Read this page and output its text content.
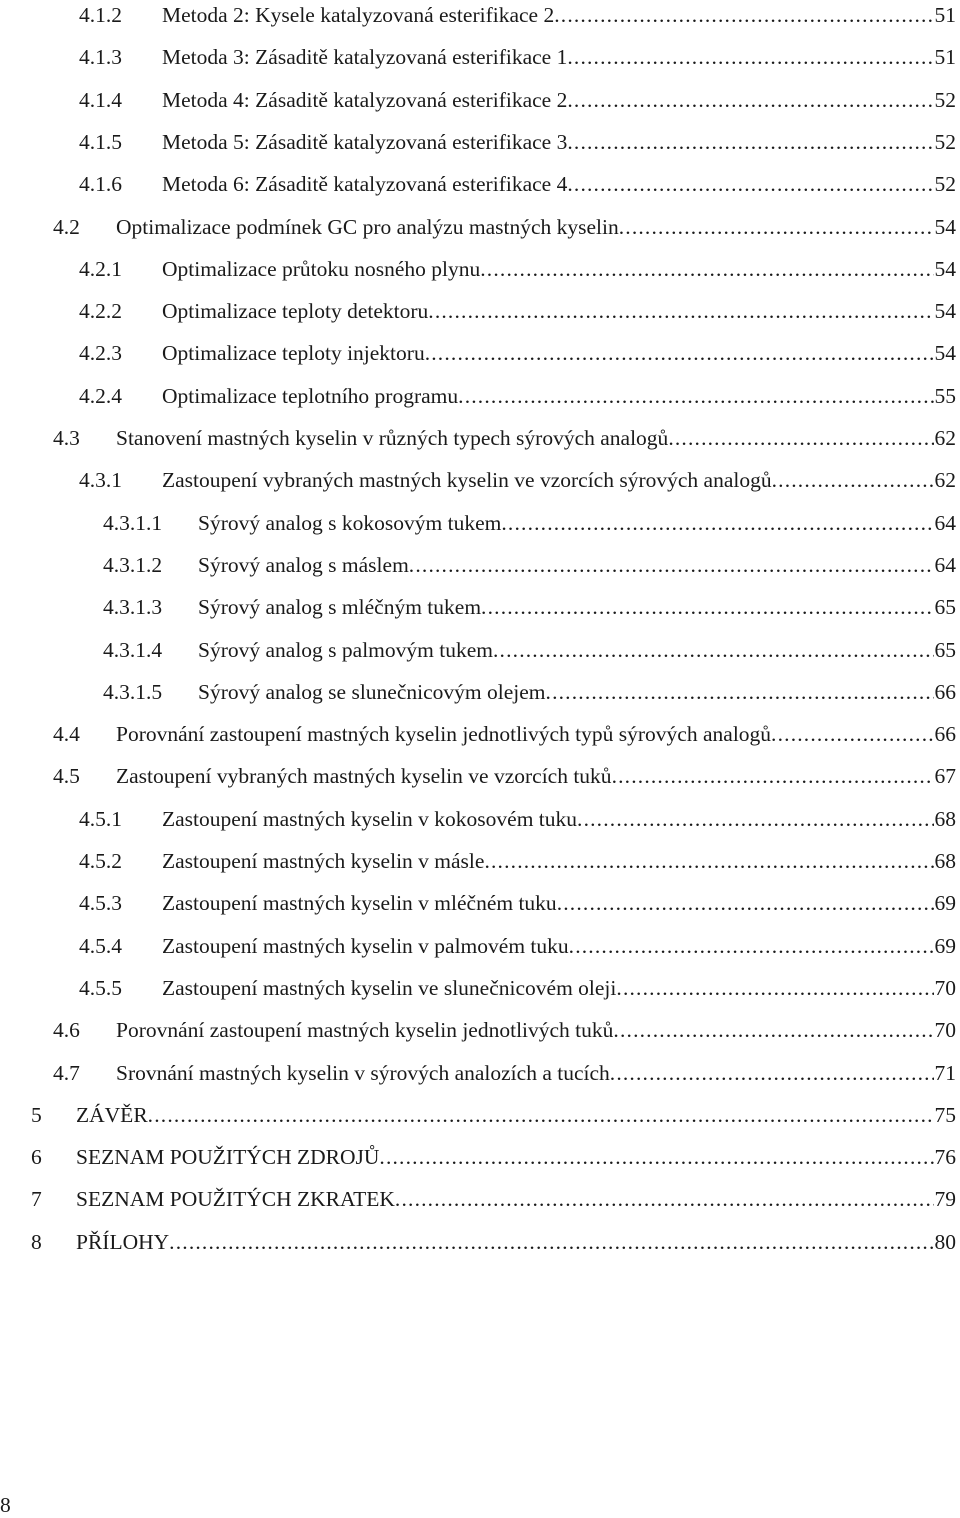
4.1.2 Metoda 2: Kysele katalyzovaná esterifikace 2 . . .	51
4.1.3 Metoda 3: Zásaditě katalyzovaná esterifikace 1 . . .	51
4.1.4 Metoda 4: Zásaditě katalyzovaná esterifikace 2 . . .	52
4.1.5 Metoda 5: Zásaditě katalyzovaná esterifikace 3 . . .	52
4.1.6 Metoda 6: Zásaditě katalyzovaná esterifikace 4 . . .	52
4.2 Optimalizace podmínek GC pro analýzu mastných kyselin . . .	54
4.2.1 Optimalizace průtoku nosného plynu . . .	54
4.2.2 Optimalizace teploty detektoru . . .	54
4.2.3 Optimalizace teploty injektoru . . .	54
4.2.4 Optimalizace teplotního programu . . .	55
4.3 Stanovení mastných kyselin v různých typech sýrových analogů . . .	62
4.3.1 Zastoupení vybraných mastných kyselin ve vzorcích sýrových analogů . . .	62
4.3.1.1 Sýrový analog s kokosovým tukem . . .	64
4.3.1.2 Sýrový analog s máslem . . .	64
4.3.1.3 Sýrový analog s mléčným tukem . . .	65
4.3.1.4 Sýrový analog s palmovým tukem . . .	65
4.3.1.5 Sýrový analog se slunečnicovým olejem . . .	66
4.4 Porovnání zastoupení mastných kyselin jednotlivých typů sýrových analogů . . .	66
4.5 Zastoupení vybraných mastných kyselin ve vzorcích tuků . . .	67
4.5.1 Zastoupení mastných kyselin v kokosovém tuku . . .	68
4.5.2 Zastoupení mastných kyselin v másle . . .	68
4.5.3 Zastoupení mastných kyselin v mléčném tuku . . .	69
4.5.4 Zastoupení mastných kyselin v palmovém tuku . . .	69
4.5.5 Zastoupení mastných kyselin ve slunečnicovém oleji . . .	70
4.6 Porovnání zastoupení mastných kyselin jednotlivých tuků . . .	70
4.7 Srovnání mastných kyselin v sýrových analozích a tucích . . .	71
5 ZÁVĚR . . .	75
6 SEZNAM POUŽITÝCH ZDROJŮ . . .	76
7 SEZNAM POUŽITÝCH ZKRATEK . . .	79
8 PŘÍLOHY . . .	80
8
